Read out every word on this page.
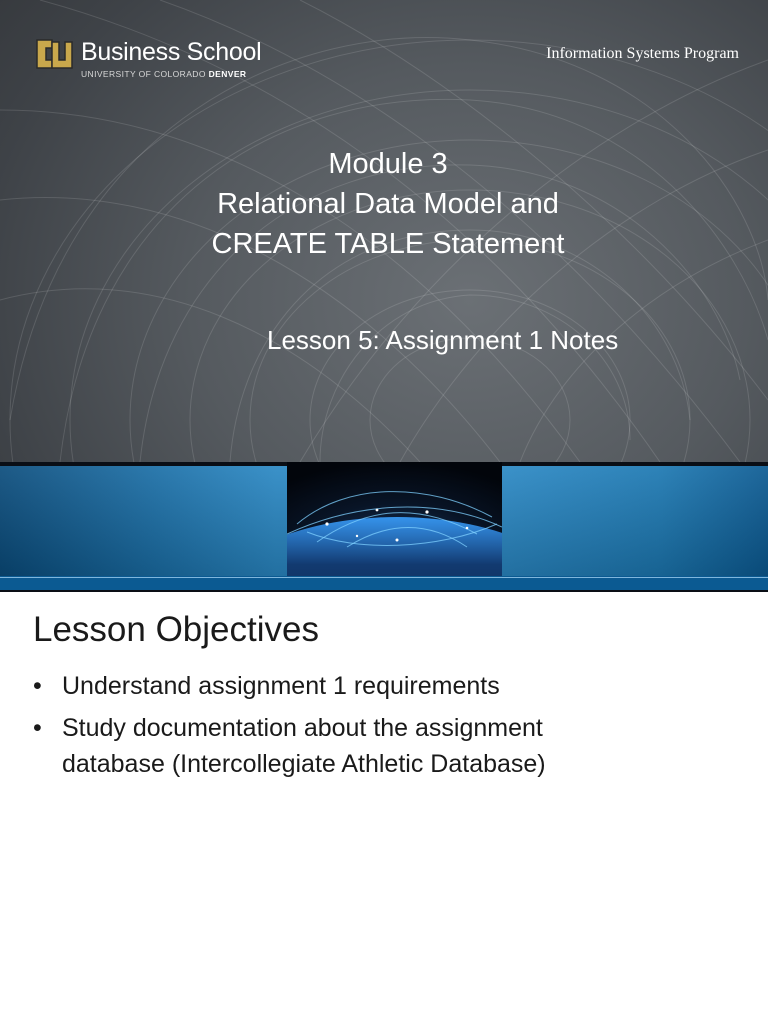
Business School
UNIVERSITY OF COLORADO DENVER
Information Systems Program
Module 3
Relational Data Model and
CREATE TABLE Statement
Lesson 5: Assignment 1 Notes
Lesson Objectives
• Understand assignment 1 requirements
• Study documentation about the assignment
database (Intercollegiate Athletic Database)
